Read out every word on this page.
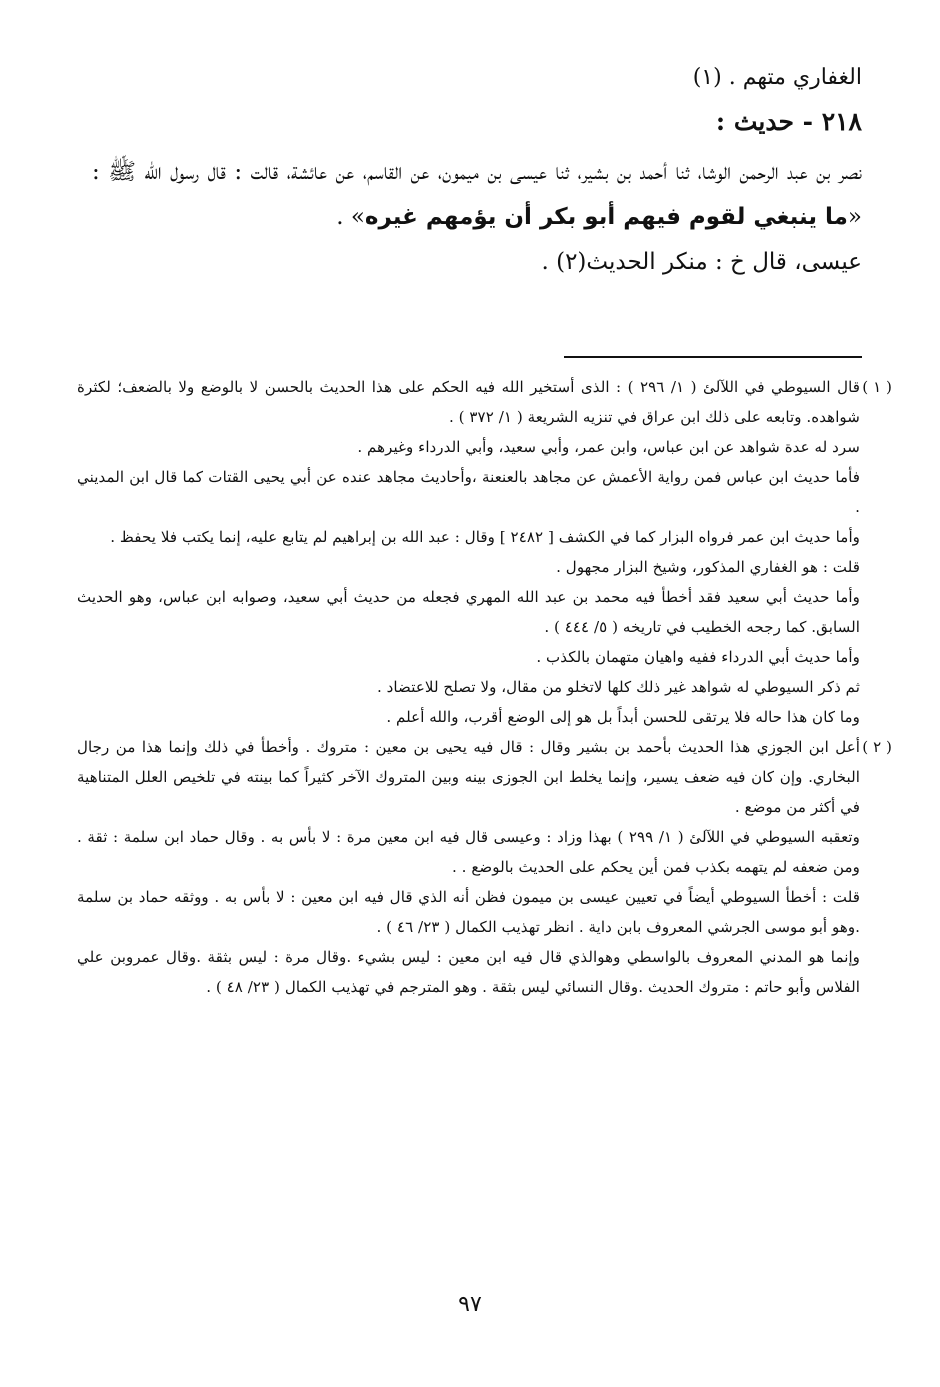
الغفاري متهم . (١)
٢١٨ - حديث :
نصر بن عبد الرحمن الوشا، ثنا أحمد بن بشير، ثنا عيسى بن ميمون، عن القاسم، عن عائشة، قالت : قال رسول الله ﷺ : «ما ينبغي لقوم فيهم أبو بكر أن يؤمهم غيره» .
عيسى، قال خ : منكر الحديث(٢) .
( ١ )
قال السيوطي في اللآلئ ( ١/ ٢٩٦ ) : الذى أستخير الله فيه الحكم على هذا الحديث بالحسن لا بالوضع ولا بالضعف؛ لكثرة شواهده. وتابعه على ذلك ابن عراق في تنزيه الشريعة ( ١/ ٣٧٢ ) .
سرد له عدة شواهد عن ابن عباس، وابن عمر، وأبي سعيد، وأبي الدرداء وغيرهم .
فأما حديث ابن عباس فمن رواية الأعمش عن مجاهد بالعنعنة ،وأحاديث مجاهد عنده عن أبي يحيى القتات كما قال ابن المديني .
وأما حديث ابن عمر فرواه البزار كما في الكشف [ ٢٤٨٢ ] وقال : عبد الله بن إبراهيم لم يتابع عليه، إنما يكتب فلا يحفظ .
قلت : هو الغفاري المذكور، وشيخ البزار مجهول .
وأما حديث أبي سعيد فقد أخطأ فيه محمد بن عبد الله المهري فجعله من حديث أبي سعيد، وصوابه ابن عباس، وهو الحديث السابق. كما رجحه الخطيب في تاريخه ( ٥/ ٤٤٤ ) .
وأما حديث أبي الدرداء ففيه واهيان متهمان بالكذب .
ثم ذكر السيوطي له شواهد غير ذلك كلها لاتخلو من مقال، ولا تصلح للاعتضاد .
وما كان هذا حاله فلا يرتقى للحسن أبداً بل هو إلى الوضع أقرب، والله أعلم .
( ٢ )
أعل ابن الجوزي هذا الحديث بأحمد بن بشير وقال : قال فيه يحيى بن معين : متروك . وأخطأ في ذلك وإنما هذا من رجال البخاري. وإن كان فيه ضعف يسير، وإنما يخلط ابن الجوزى بينه وبين المتروك الآخر كثيراً كما بينته في تلخيص العلل المتناهية في أكثر من موضع .
وتعقبه السيوطي في اللآلئ ( ١/ ٢٩٩ ) بهذا وزاد : وعيسى قال فيه ابن معين مرة : لا بأس به . وقال حماد ابن سلمة : ثقة . ومن ضعفه لم يتهمه بكذب فمن أين يحكم على الحديث بالوضع . .
قلت : أخطأ السيوطي أيضاً في تعيين عيسى بن ميمون فظن أنه الذي قال فيه ابن معين : لا بأس به . ووثقه حماد بن سلمة .وهو أبو موسى الجرشي المعروف بابن داية . انظر تهذيب الكمال ( ٢٣/ ٤٦ ) .
وإنما هو المدني المعروف بالواسطي وهوالذي قال فيه ابن معين : ليس بشيء .وقال مرة : ليس بثقة .وقال عمروبن علي الفلاس وأبو حاتم : متروك الحديث .وقال النسائي ليس بثقة . وهو المترجم في تهذيب الكمال ( ٢٣/ ٤٨ ) .
٩٧
